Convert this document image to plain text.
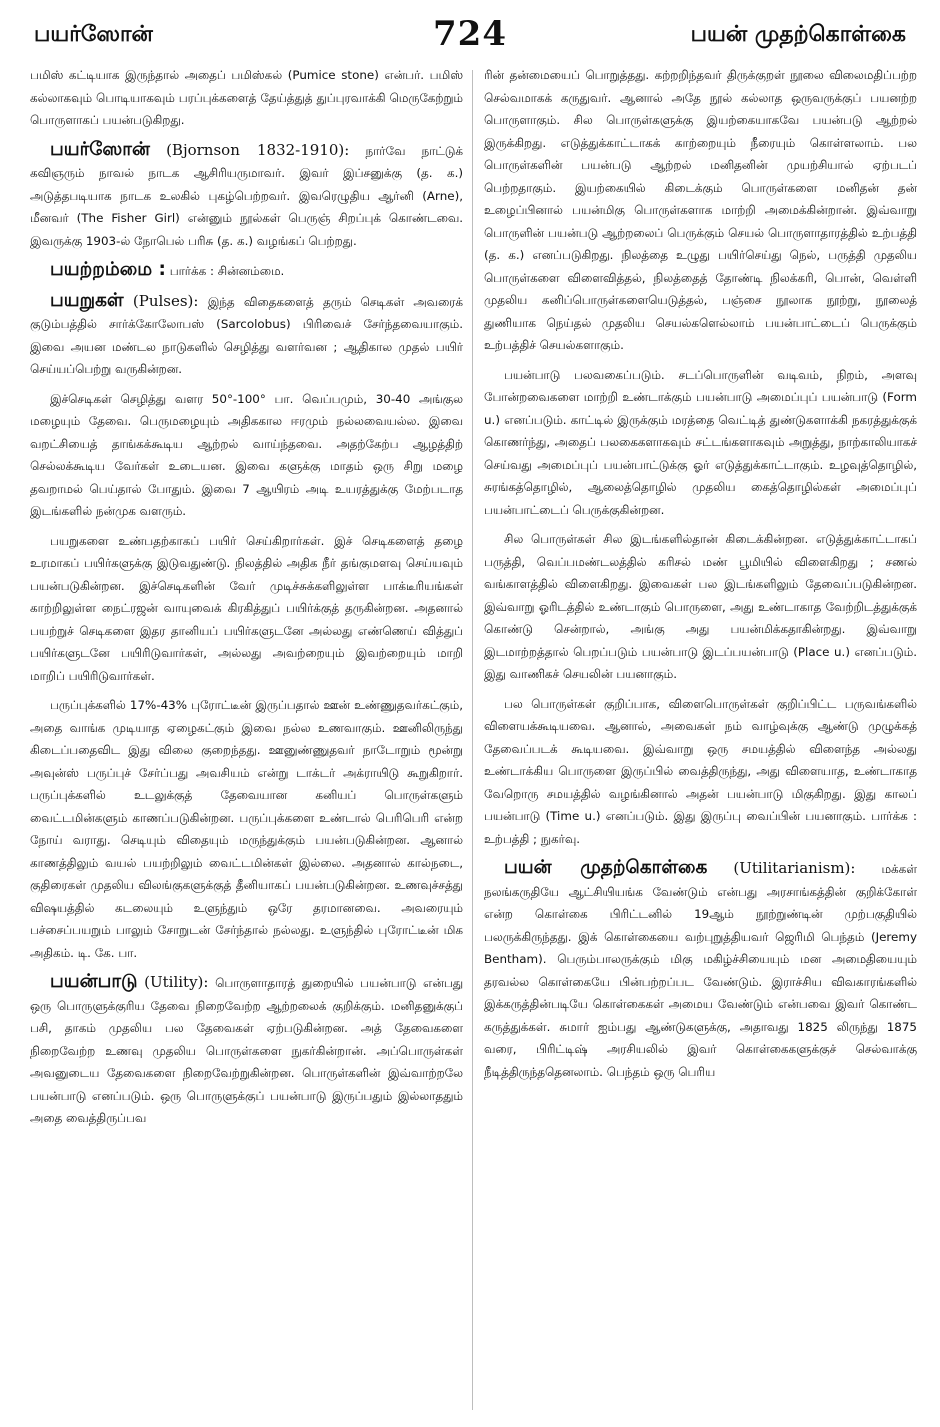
பயர்ஸோன்	724	பயன் முதற்கொள்கை

பமிஸ் கட்டியாக இருந்தால் அதைப் பமிஸ்கல் (Pumice stone) என்பர். பமிஸ் கல்லாகவும் பொடியாகவும் பரப்புக்களைத் தேய்த்துத் துப்புரவாக்கி மெருகேற்றும் பொருளாகப் பயன்படுகிறது.

பயர்ஸோன் (Bjornson 1832-1910): நார்வே நாட்டுக் கவிஞரும் நாவல் நாடக ஆசிரியருமாவர். இவர் இப்சனுக்கு (த. க.) அடுத்தபடியாக நாடக உலகில் புகழ்பெற்றவர். இவரெழுதிய ஆர்னி (Arne), மீனவர் (The Fisher Girl) என்னும் நூல்கள் பெருஞ் சிறப்புக் கொண்டவை. இவருக்கு 1903-ல் நோபெல் பரிசு (த. க.) வழங்கப் பெற்றது.

பயற்றம்மை : பார்க்க : சின்னம்மை.

பயறுகள் (Pulses): இந்த விதைகளைத் தரும் செடிகள் அவரைக் குடும்பத்தில் சார்க்கோலோபஸ் (Sarcolobus) பிரிவைச் சேர்ந்தவையாகும். இவை அயன மண்டல நாடுகளில் செழித்து வளர்வன ; ஆதிகால முதல் பயிர் செய்யப்பெற்று வருகின்றன.

இச்செடிகள் செழித்து வளர 50°-100° பா. வெப்பமும், 30-40 அங்குல மழையும் தேவை. பெருமழையும் அதிககால ஈரமும் நல்லவையல்ல. இவை வறட்சியைத் தாங்கக்கூடிய ஆற்றல் வாய்ந்தவை. அதற்கேற்ப ஆழத்திற் செல்லக்கூடிய வேர்கள் உடையன. இவை களுக்கு மாதம் ஒரு சிறு மழை தவறாமல் பெய்தால் போதும். இவை 7 ஆயிரம் அடி உயரத்துக்கு மேற்படாத இடங்களில் நன்முக வளரும்.

பயறுகளை உண்பதற்காகப் பயிர் செய்கிறார்கள். இச் செடிகளைத் தழை உரமாகப் பயிர்களுக்கு இடுவதுண்டு. நிலத்தில் அதிக நீர் தங்குமளவு செய்யவும் பயன்படுகின்றன. இச்செடிகளின் வேர் முடிச்சுக்களிலுள்ள பாக்டீரியங்கள் காற்றிலுள்ள நைட்ரஜன் வாயுவைக் கிரகித்துப் பயிர்க்குத் தருகின்றன. அதனால் பயற்றுச் செடிகளை இதர தானியப் பயிர்களுடனே அல்லது எண்ணெய் வித்துப் பயிர்களுடனே பயிரிடுவார்கள், அல்லது அவற்றையும் இவற்றையும் மாறி மாறிப் பயிரிடுவார்கள்.

பருப்புக்களில் 17%-43% புரோட்டீன் இருப்பதால் ஊன் உண்ணுதவர்கட்கும், அதை வாங்க முடியாத ஏழைகட்கும் இவை நல்ல உணவாகும். ஊனிலிருந்து கிடைப்பதைவிட இது விலை குறைந்தது. ஊனுண்ணுதவர் நாடோறும் மூன்று அவுன்ஸ் பருப்புச் சேர்ப்பது அவசியம் என்று டாக்டர் அக்ராயிடு கூறுகிறார். பருப்புக்களில் உடலுக்குத் தேவையான கனியப் பொருள்களும் வைட்டமின்களும் காணப்படுகின்றன. பருப்புக்களை உண்டால் பெரிபெரி என்ற நோய் வராது. செடியும் விதையும் மருந்துக்கும் பயன்படுகின்றன. ஆனால் காணத்திலும் வயல் பயற்றிலும் வைட்டமின்கள் இல்லை. அதனால் கால்நடை, குதிரைகள் முதலிய விலங்குகளுக்குத் தீனியாகப் பயன்படுகின்றன. உணவுச்சத்து விஷயத்தில் கடலையும் உளுந்தும் ஒரே தரமானவை. அவரையும் பச்சைப்பயறும் பாலும் சோறுடன் சேர்ந்தால் நல்லது. உளுந்தில் புரோட்டீன் மிக அதிகம். டி. கே. பா.

பயன்பாடு (Utility): பொருளாதாரத் துறையில் பயன்பாடு என்பது ஒரு பொருளுக்குரிய தேவை நிறைவேற்ற ஆற்றலைக் குறிக்கும். மனிதனுக்குப் பசி, தாகம் முதலிய பல தேவைகள் ஏற்படுகின்றன. அத் தேவைகளை நிறைவேற்ற உணவு முதலிய பொருள்களை நுகர்கின்றான். அப்பொருள்கள் அவனுடைய தேவைகளை நிறைவேற்றுகின்றன. பொருள்களின் இவ்வாற்றலே பயன்பாடு எனப்படும். ஒரு பொருளுக்குப் பயன்பாடு இருப்பதும் இல்லாததும் அதை வைத்திருப்பவ

ரின் தன்மையைப் பொறுத்தது. கற்றறிந்தவர் திருக்குறள் நூலை விலைமதிப்பற்ற செல்வமாகக் கருதுவர். ஆனால் அதே நூல் கல்லாத ஒருவருக்குப் பயனற்ற பொருளாகும். சில பொருள்களுக்கு இயற்கையாகவே பயன்படு ஆற்றல் இருக்கிறது. எடுத்துக்காட்டாகக் காற்றையும் நீரையும் கொள்ளலாம். பல பொருள்களின் பயன்படு ஆற்றல் மனிதனின் முயற்சியால் ஏற்படப் பெற்றதாகும். இயற்கையில் கிடைக்கும் பொருள்களை மனிதன் தன் உழைப்பினால் பயன்மிகு பொருள்களாக மாற்றி அமைக்கின்றான். இவ்வாறு பொருளின் பயன்படு ஆற்றலைப் பெருக்கும் செயல் பொருளாதாரத்தில் உற்பத்தி (த. க.) எனப்படுகிறது. நிலத்தை உழுது பயிர்செய்து நெல், பருத்தி முதலிய பொருள்களை விளைவித்தல், நிலத்தைத் தோண்டி நிலக்கரி, பொன், வெள்ளி முதலிய கனிப்பொருள்களையெடுத்தல், பஞ்சை நூலாக நூற்று, நூலைத் துணியாக நெய்தல் முதலிய செயல்களெல்லாம் பயன்பாட்டைப் பெருக்கும் உற்பத்திச் செயல்களாகும்.

பயன்பாடு பலவகைப்படும். சடப்பொருளின் வடிவம், நிறம், அளவு போன்றவைகளை மாற்றி உண்டாக்கும் பயன்பாடு அமைப்புப் பயன்பாடு (Form u.) எனப்படும். காட்டில் இருக்கும் மரத்தை வெட்டித் துண்டுகளாக்கி நகரத்துக்குக் கொணர்ந்து, அதைப் பலகைகளாகவும் சட்டங்களாகவும் அறுத்து, நாற்காலியாகச் செய்வது அமைப்புப் பயன்பாட்டுக்கு ஓர் எடுத்துக்காட்டாகும். உழவுத்தொழில், சுரங்கத்தொழில், ஆலைத்தொழில் முதலிய கைத்தொழில்கள் அமைப்புப் பயன்பாட்டைப் பெருக்குகின்றன.

சில பொருள்கள் சில இடங்களில்தான் கிடைக்கின்றன. எடுத்துக்காட்டாகப் பருத்தி, வெப்பமண்டலத்தில் கரிசல் மண் பூமியில் விளைகிறது ; சணல் வங்காளத்தில் விளைகிறது. இவைகள் பல இடங்களிலும் தேவைப்படுகின்றன. இவ்வாறு ஓரிடத்தில் உண்டாகும் பொருளை, அது உண்டாகாத வேற்றிடத்துக்குக் கொண்டு சென்றால், அங்கு அது பயன்மிக்கதாகின்றது. இவ்வாறு இடமாற்றத்தால் பெறப்படும் பயன்பாடு இடப்பயன்பாடு (Place u.) எனப்படும். இது வாணிகச் செயலின் பயனாகும்.

பல பொருள்கள் குறிப்பாக, விளைபொருள்கள் குறிப்பிட்ட பருவங்களில் விளையக்கூடியவை. ஆனால், அவைகள் நம் வாழ்வுக்கு ஆண்டு முழுக்கத் தேவைப்படக் கூடியவை. இவ்வாறு ஒரு சமயத்தில் விளைந்த அல்லது உண்டாக்கிய பொருளை இருப்பில் வைத்திருந்து, அது விளையாத, உண்டாகாத வேறொரு சமயத்தில் வழங்கினால் அதன் பயன்பாடு மிகுகிறது. இது காலப் பயன்பாடு (Time u.) எனப்படும். இது இருப்பு வைப்பின் பயனாகும். பார்க்க : உற்பத்தி ; நுகர்வு.

பயன் முதற்கொள்கை (Utilitarianism): மக்கள் நலங்கருதியே ஆட்சியியங்க வேண்டும் என்பது அரசாங்கத்தின் குறிக்கோள் என்ற கொள்கை பிரிட்டனில் 19ஆம் நூற்றுண்டின் முற்பகுதியில் பலருக்கிருந்தது. இக் கொள்கையை வற்புறுத்தியவர் ஜெரிமி பெந்தம் (Jeremy Bentham). பெரும்பாலருக்கும் மிகு மகிழ்ச்சியையும் மன அமைதியையும் தரவல்ல கொள்கையே பின்பற்றப்பட வேண்டும். இராச்சிய விவகாரங்களில் இக்கருத்தின்படியே கொள்கைகள் அமைய வேண்டும் என்பவை இவர் கொண்ட கருத்துக்கள். சுமார் ஐம்பது ஆண்டுகளுக்கு, அதாவது 1825 லிருந்து 1875 வரை, பிரிட்டிஷ் அரசியலில் இவர் கொள்கைகளுக்குச் செல்வாக்கு நீடித்திருந்ததெனலாம். பெந்தம் ஒரு பெரிய
